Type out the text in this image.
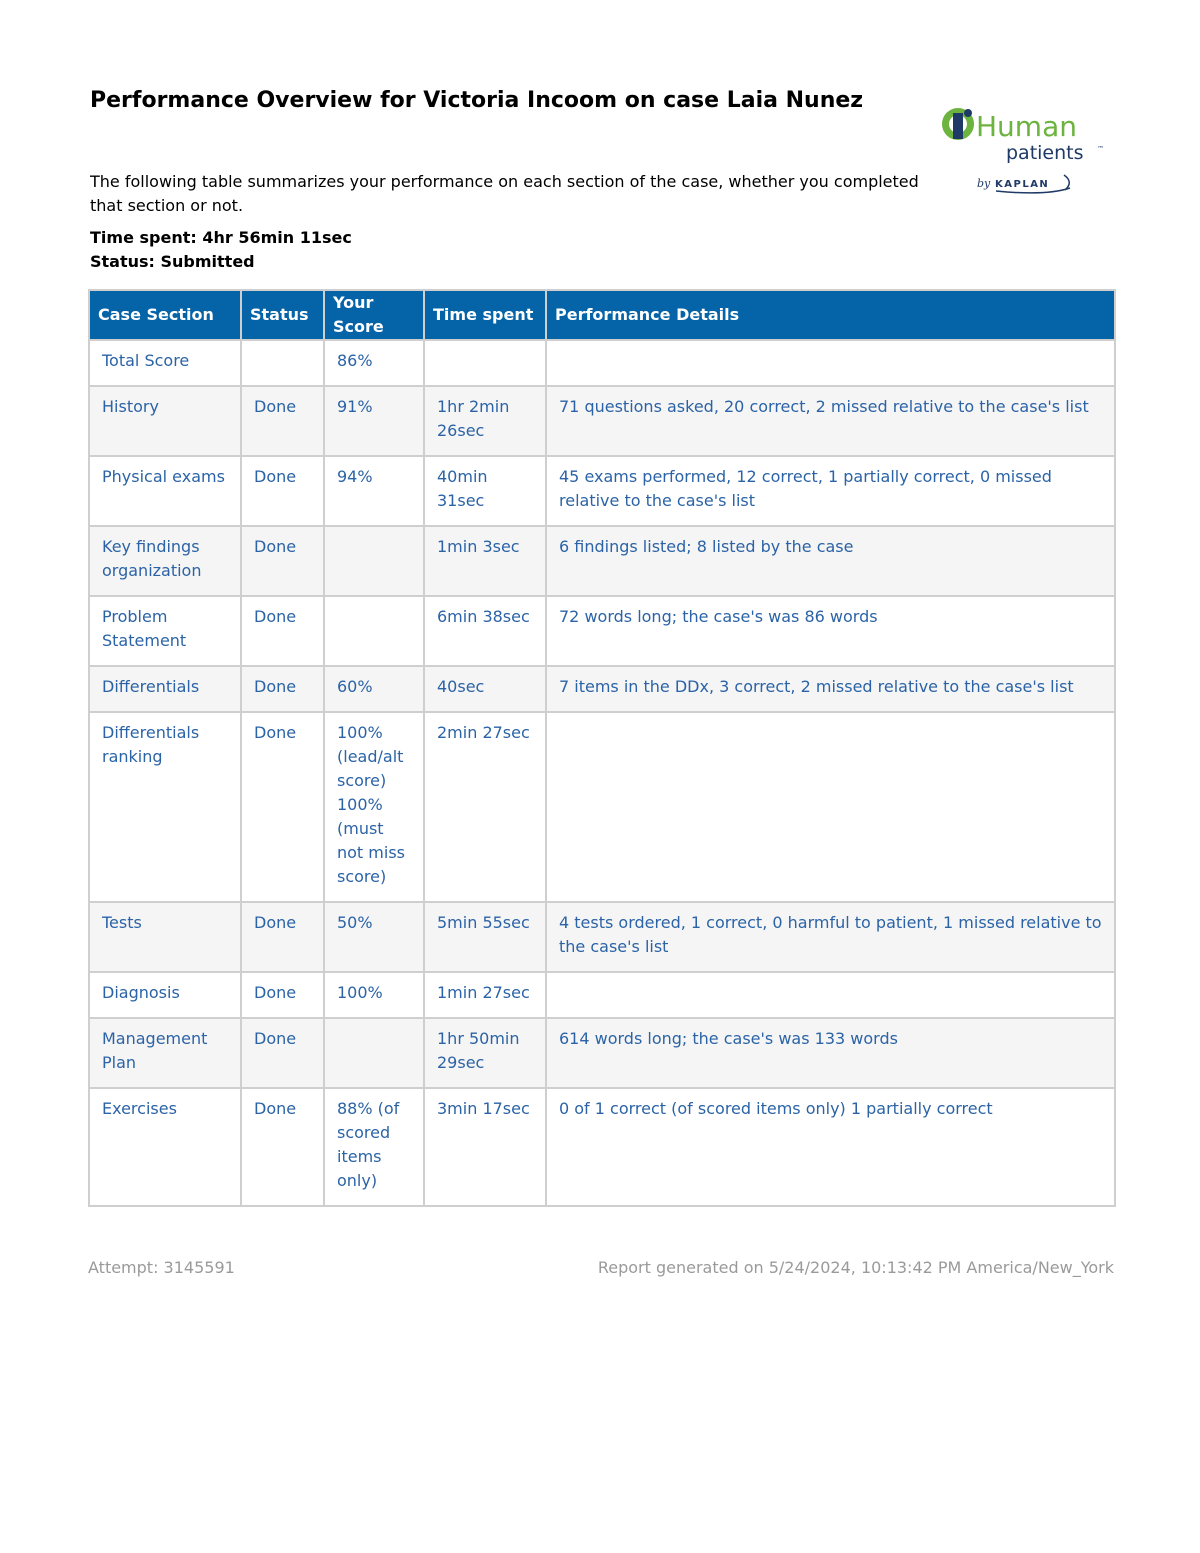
Performance Overview for Victoria Incoom on case Laia Nunez

The following table summarizes your performance on each section of the case, whether you completed that section or not.

Time spent: 4hr 56min 11sec
Status: Submitted
Human
patients ™
by KAPLAN
Case Section	Status	Your Score	Time spent	Performance Details
Total Score		86%		
History	Done	91%	1hr 2min 26sec	71 questions asked, 20 correct, 2 missed relative to the case's list
Physical exams	Done	94%	40min 31sec	45 exams performed, 12 correct, 1 partially correct, 0 missed relative to the case's list
Key findings organization	Done		1min 3sec	6 findings listed; 8 listed by the case
Problem Statement	Done		6min 38sec	72 words long; the case's was 86 words
Differentials	Done	60%	40sec	7 items in the DDx, 3 correct, 2 missed relative to the case's list
Differentials ranking	Done	100% (lead/alt score) 100% (must not miss score)	2min 27sec	
Tests	Done	50%	5min 55sec	4 tests ordered, 1 correct, 0 harmful to patient, 1 missed relative to the case's list
Diagnosis	Done	100%	1min 27sec	
Management Plan	Done		1hr 50min 29sec	614 words long; the case's was 133 words
Exercises	Done	88% (of scored items only)	3min 17sec	0 of 1 correct (of scored items only) 1 partially correct
Attempt: 3145591	Report generated on 5/24/2024, 10:13:42 PM America/New_York
